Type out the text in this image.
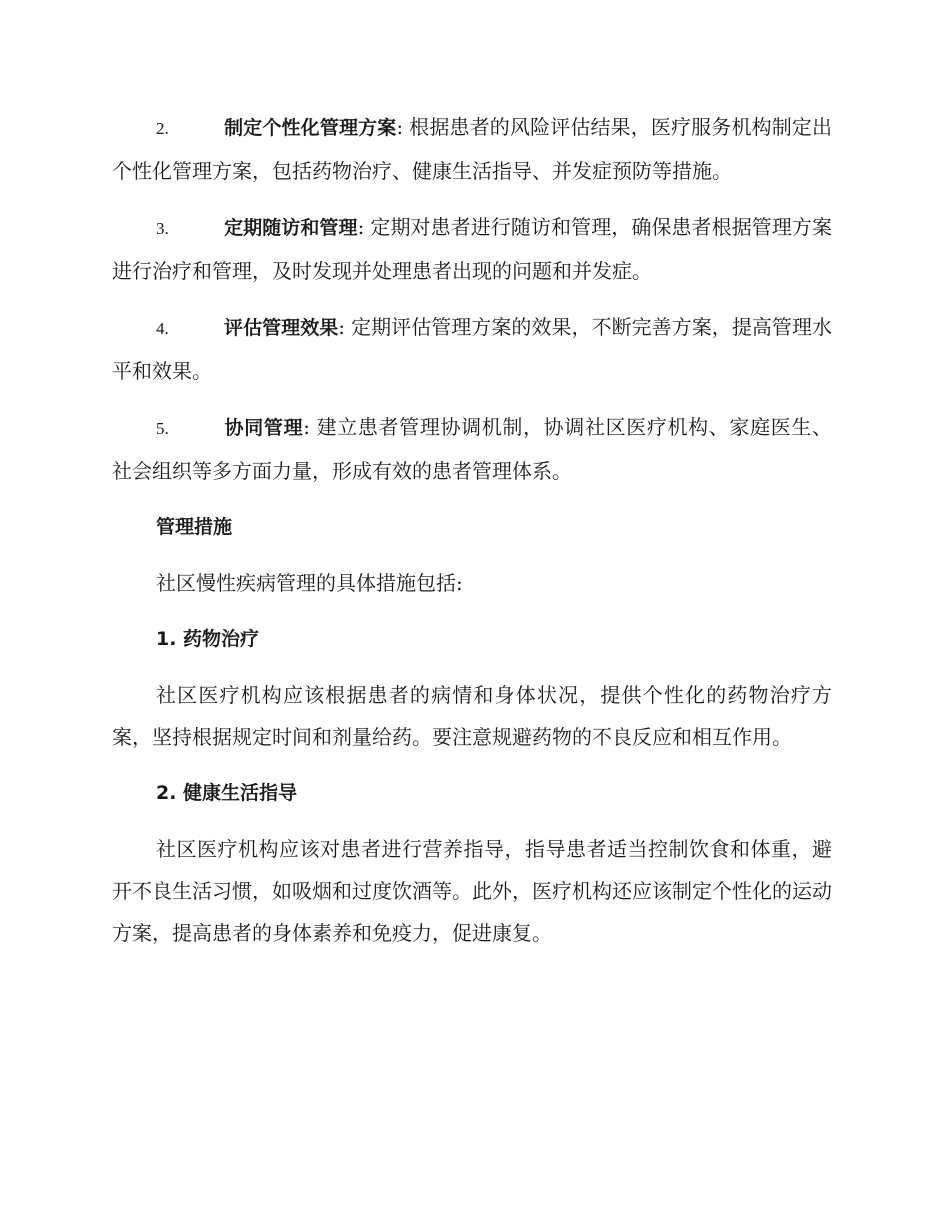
2.	制定个性化管理方案: 根据患者的风险评估结果，医疗服务机构制定出个性化管理方案，包括药物治疗、健康生活指导、并发症预防等措施。

3.	定期随访和管理: 定期对患者进行随访和管理，确保患者根据管理方案进行治疗和管理，及时发现并处理患者出现的问题和并发症。

4.	评估管理效果: 定期评估管理方案的效果，不断完善方案，提高管理水平和效果。

5.	协同管理: 建立患者管理协调机制，协调社区医疗机构、家庭医生、社会组织等多方面力量，形成有效的患者管理体系。

管理措施

社区慢性疾病管理的具体措施包括:

1. 药物治疗

社区医疗机构应该根据患者的病情和身体状况，提供个性化的药物治疗方案，坚持根据规定时间和剂量给药。要注意规避药物的不良反应和相互作用。

2. 健康生活指导

社区医疗机构应该对患者进行营养指导，指导患者适当控制饮食和体重，避开不良生活习惯，如吸烟和过度饮酒等。此外，医疗机构还应该制定个性化的运动方案，提高患者的身体素养和免疫力，促进康复。
